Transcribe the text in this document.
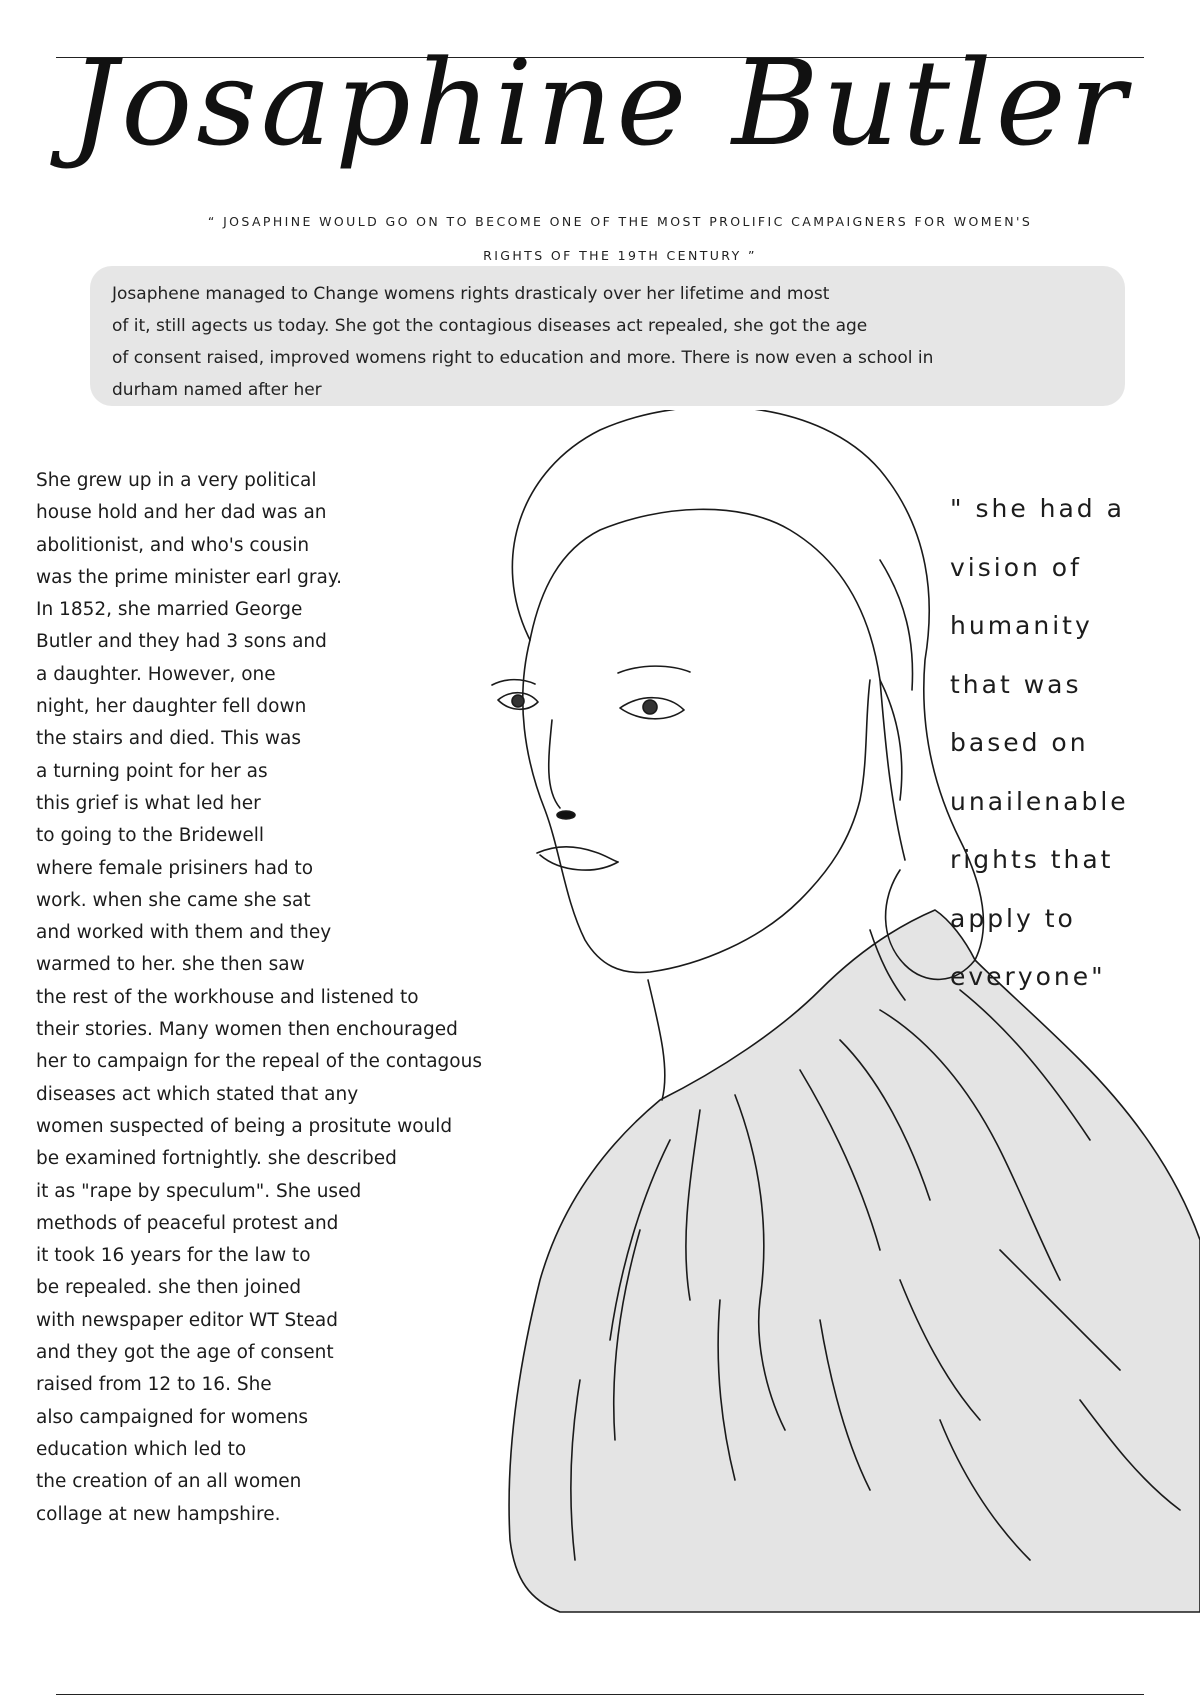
Josaphine Butler
“ JOSAPHINE WOULD GO ON TO BECOME ONE OF THE MOST PROLIFIC CAMPAIGNERS FOR WOMEN'S
RIGHTS OF THE 19TH CENTURY ”

Josaphene managed to Change womens rights drasticaly over her lifetime and most

of it, still agects us today. She got the contagious diseases act repealed, she got the age

of consent raised, improved womens right to education and more. There is now even a school in

durham named after her

She grew up in a very political

house hold and her dad was an

abolitionist, and who's cousin

was the prime minister earl gray.

In 1852, she married George

Butler and they had 3 sons and

a daughter. However, one

night, her daughter fell down

the stairs and died. This was

a turning point for her as

this grief is what led her

to going to the Bridewell

where female prisiners had to

work. when she came she sat

and worked with them and they

warmed to her. she then saw

the rest of the workhouse and listened to

their stories. Many women then enchouraged

her to campaign for the repeal of the contagous

diseases act which stated that any

women suspected of being a prositute would

be examined fortnightly. she described

it as "rape by speculum". She used

methods of peaceful protest and

it took 16 years for the law to

be repealed. she then joined

with newspaper editor WT Stead

and they got the age of consent

raised from 12 to 16. She

also campaigned for womens

education which led to

the creation of an all women

collage at new hampshire.

" she had a

vision of

humanity

that was

based on

unailenable

rights that

apply to

everyone"
